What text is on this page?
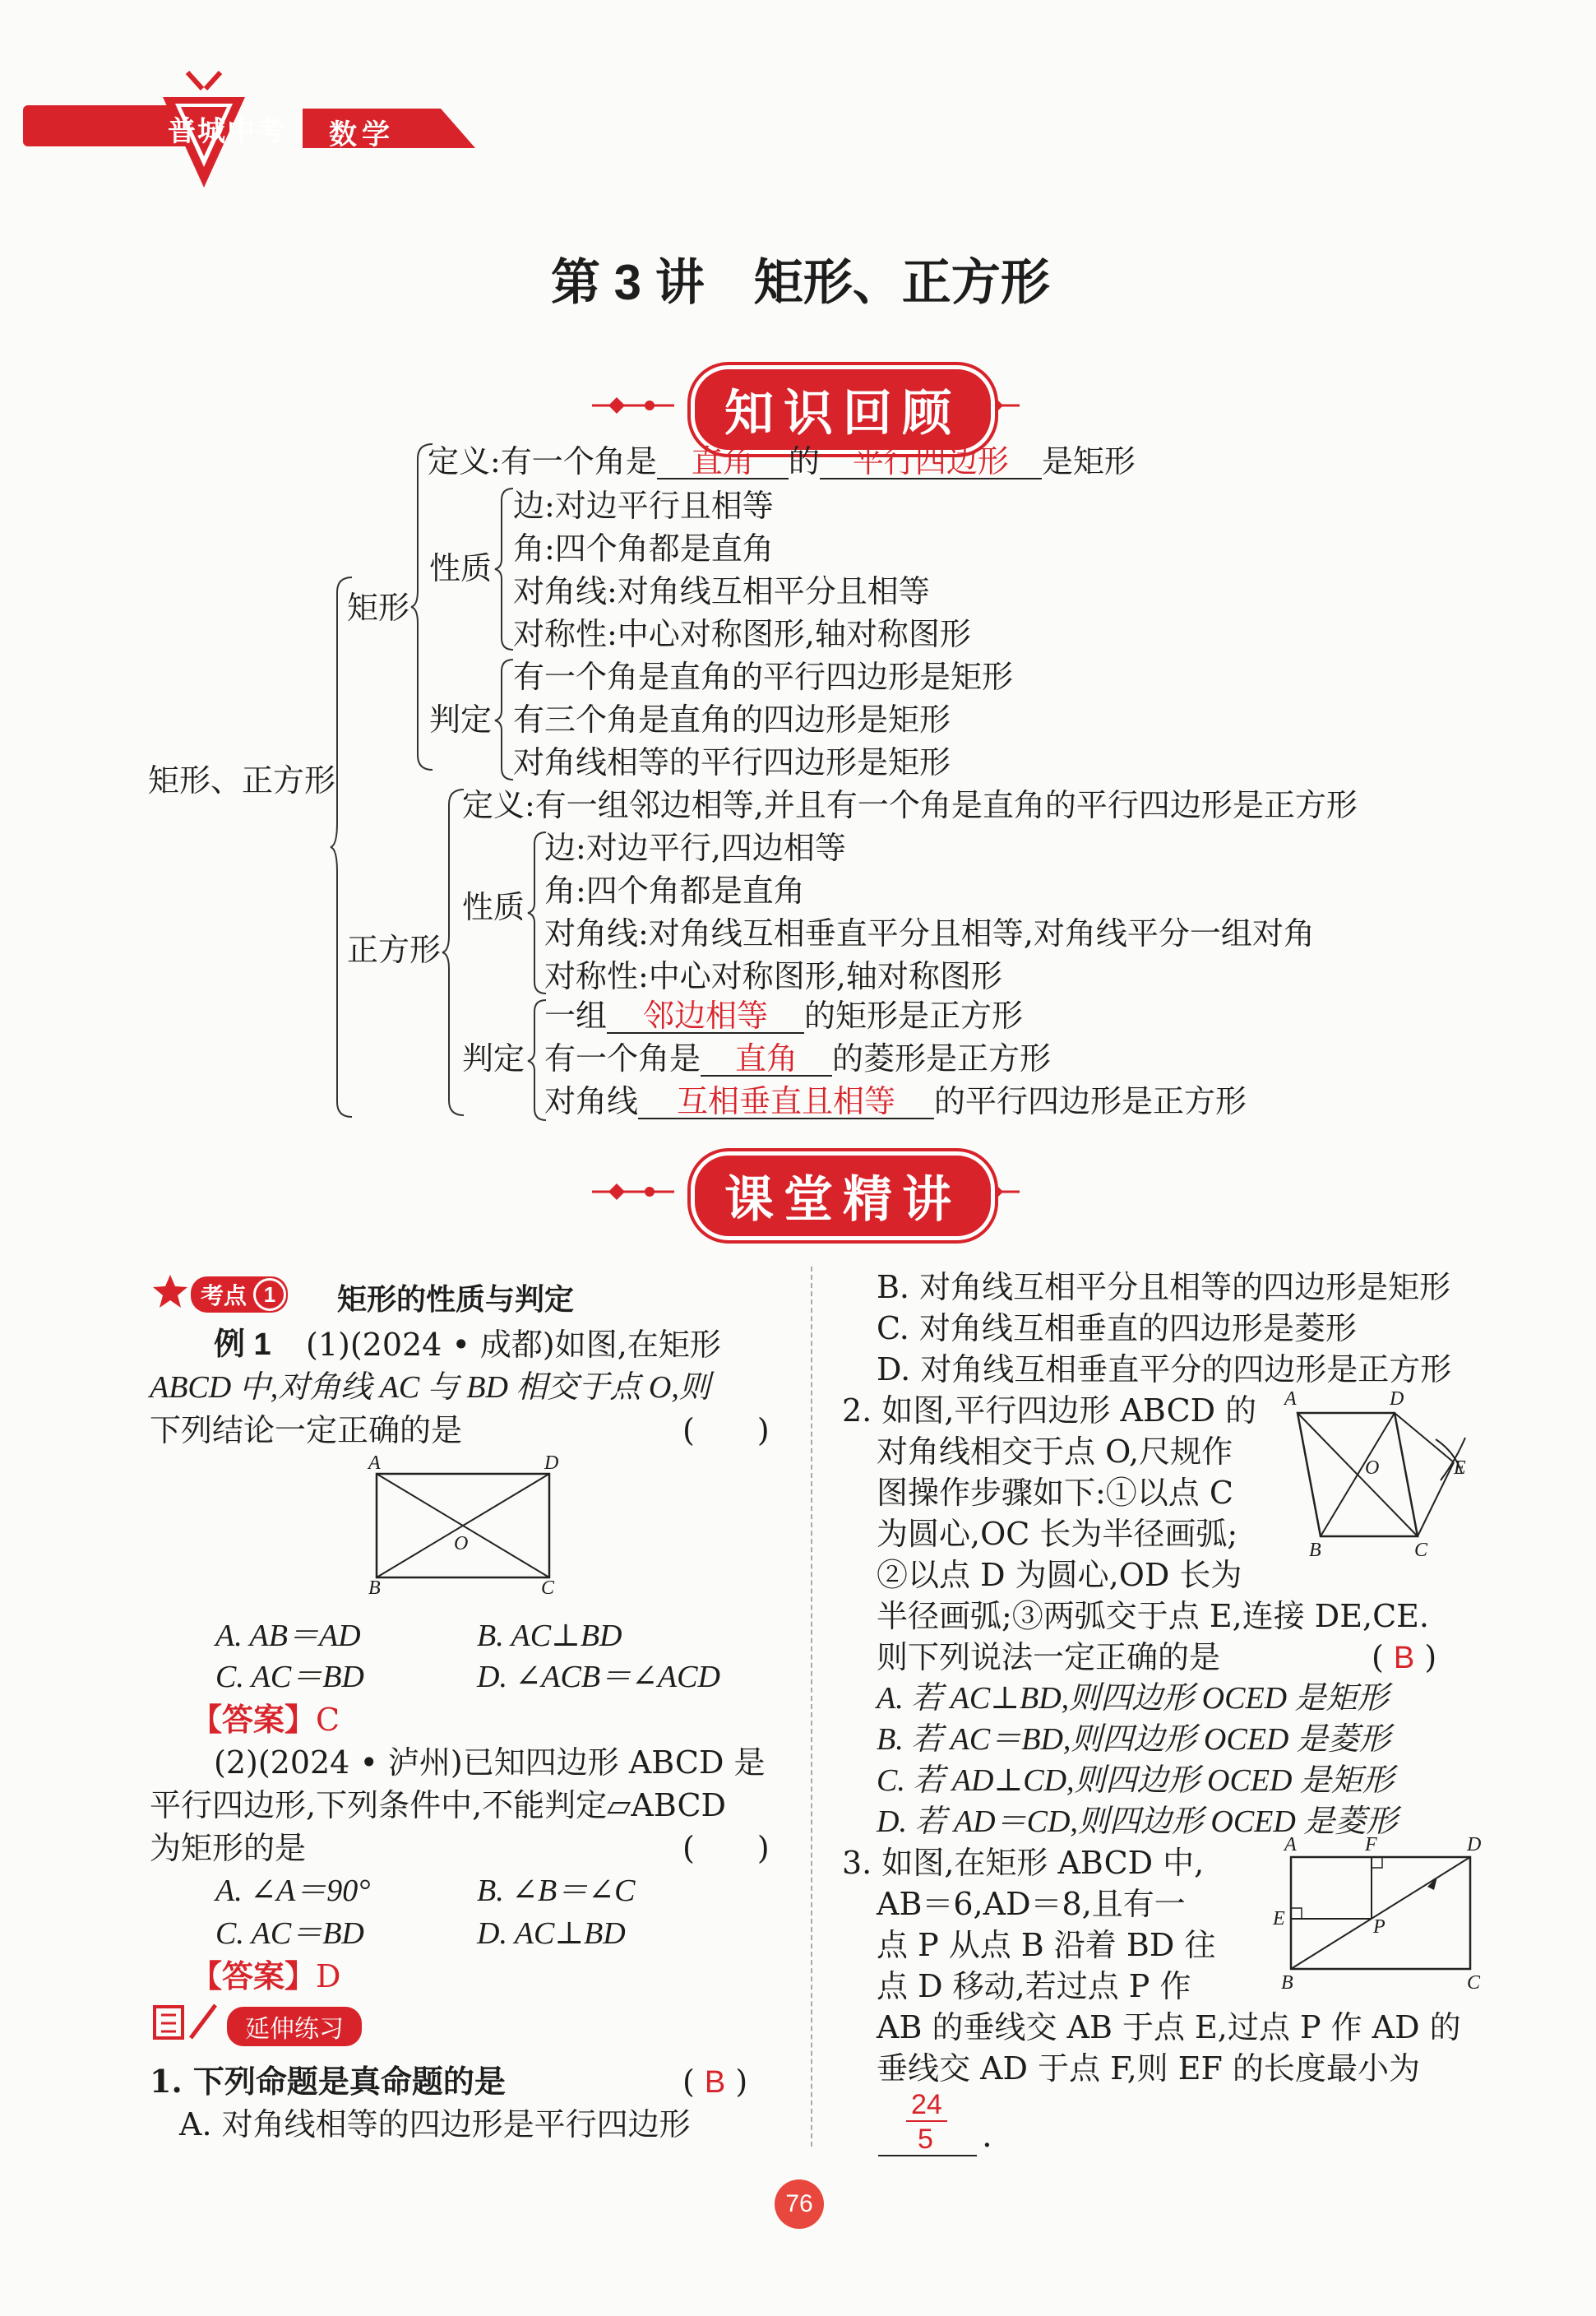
普城中考 数学
第 3 讲　矩形、正方形
知识回顾
矩形、正方形
矩形
定义:有一个角是 直角 的 平行四边形 是矩形
性质
边:对边平行且相等
角:四个角都是直角
对角线:对角线互相平分且相等
对称性:中心对称图形,轴对称图形
判定
有一个角是直角的平行四边形是矩形
有三个角是直角的四边形是矩形
对角线相等的平行四边形是矩形
正方形
定义:有一组邻边相等,并且有一个角是直角的平行四边形是正方形
性质
边:对边平行,四边相等
角:四个角都是直角
对角线:对角线互相垂直平分且相等,对角线平分一组对角
对称性:中心对称图形,轴对称图形
判定
一组 邻边相等 的矩形是正方形
有一个角是 直角 的菱形是正方形
对角线 互相垂直且相等 的平行四边形是正方形
课堂精讲
考点 1	矩形的性质与判定
例 1 (1)(2024 • 成都)如图,在矩形
ABCD 中,对角线 AC 与 BD 相交于点 O,则
下列结论一定正确的是	(　　)
A	D
B	C
O
A. AB＝AD	B. AC⊥BD
C. AC＝BD	D. ∠ACB＝∠ACD
【答案】C
(2)(2024 • 泸州)已知四边形 ABCD 是
平行四边形,下列条件中,不能判定▱ABCD
为矩形的是	(　　)
A. ∠A＝90°	B. ∠B＝∠C
C. AC＝BD	D. AC⊥BD
【答案】D
延伸练习
1. 下列命题是真命题的是	( B )
A. 对角线相等的四边形是平行四边形
B. 对角线互相平分且相等的四边形是矩形
C. 对角线互相垂直的四边形是菱形
D. 对角线互相垂直平分的四边形是正方形
2. 如图,平行四边形 ABCD 的
对角线相交于点 O,尺规作
图操作步骤如下:①以点 C
为圆心,OC 长为半径画弧;
②以点 D 为圆心,OD 长为
半径画弧;③两弧交于点 E,连接 DE,CE.
则下列说法一定正确的是	( B )
A	D
B	C
E
O
A. 若 AC⊥BD,则四边形 OCED 是矩形
B. 若 AC＝BD,则四边形 OCED 是菱形
C. 若 AD⊥CD,则四边形 OCED 是矩形
D. 若 AD＝CD,则四边形 OCED 是菱形
3. 如图,在矩形 ABCD 中,
AB＝6,AD＝8,且有一
点 P 从点 B 沿着 BD 往
点 D 移动,若过点 P 作
AB 的垂线交 AB 于点 E,过点 P 作 AD 的
垂线交 AD 于点 F,则 EF 的长度最小为
A	F	D
E	P
B	C
24
5 .
76
